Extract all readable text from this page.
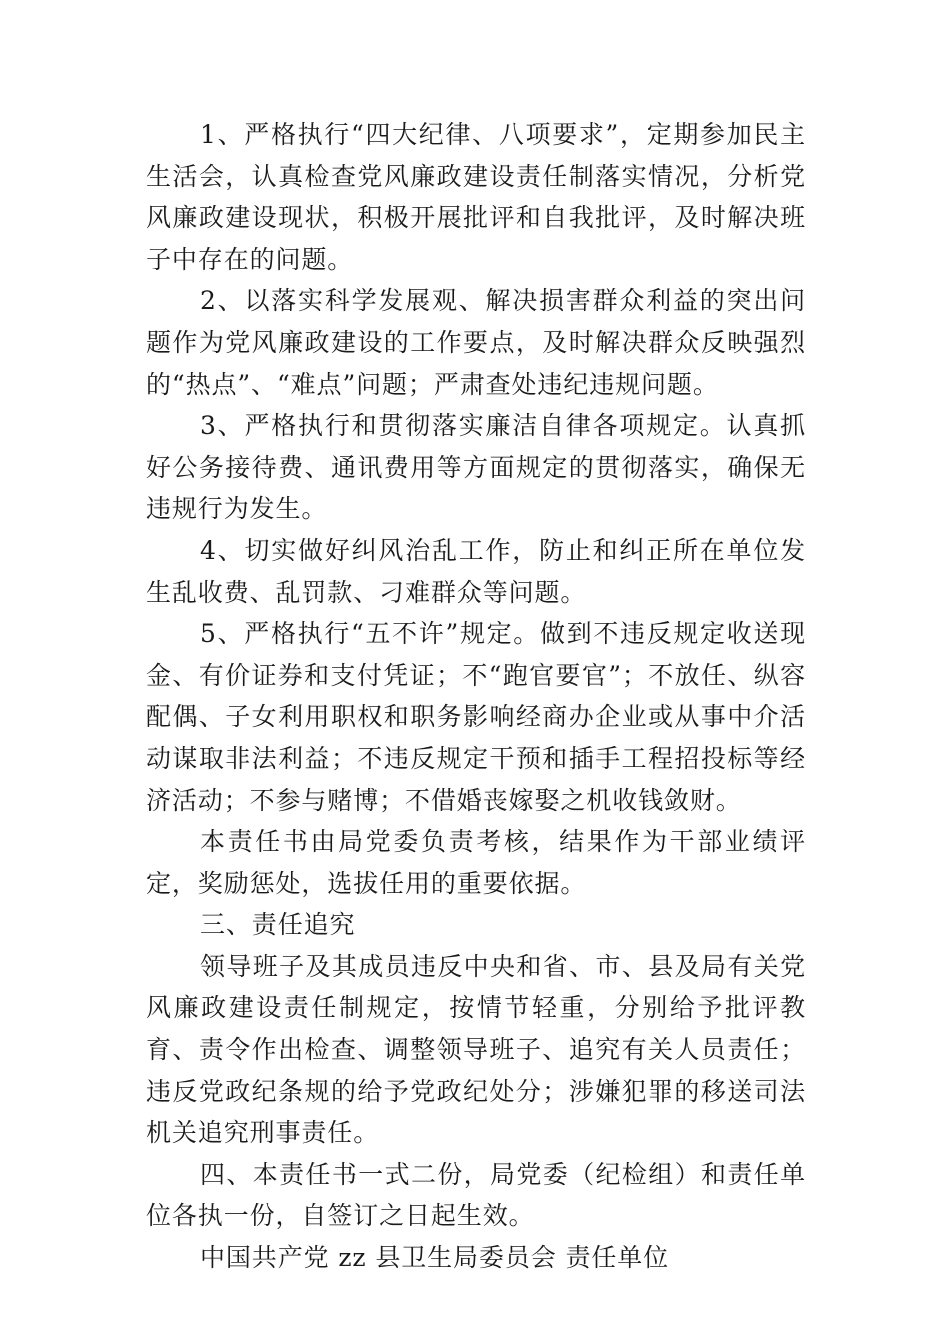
1、严格执行“四大纪律、八项要求”，定期参加民主生活会，认真检查党风廉政建设责任制落实情况，分析党风廉政建设现状，积极开展批评和自我批评，及时解决班子中存在的问题。

2、以落实科学发展观、解决损害群众利益的突出问题作为党风廉政建设的工作要点，及时解决群众反映强烈的“热点”、“难点”问题；严肃查处违纪违规问题。

3、严格执行和贯彻落实廉洁自律各项规定。认真抓好公务接待费、通讯费用等方面规定的贯彻落实，确保无违规行为发生。

4、切实做好纠风治乱工作，防止和纠正所在单位发生乱收费、乱罚款、刁难群众等问题。

5、严格执行“五不许”规定。做到不违反规定收送现金、有价证券和支付凭证；不“跑官要官”；不放任、纵容配偶、子女利用职权和职务影响经商办企业或从事中介活动谋取非法利益；不违反规定干预和插手工程招投标等经济活动；不参与赌博；不借婚丧嫁娶之机收钱敛财。

本责任书由局党委负责考核，结果作为干部业绩评定，奖励惩处，选拔任用的重要依据。

三、责任追究

领导班子及其成员违反中央和省、市、县及局有关党风廉政建设责任制规定，按情节轻重，分别给予批评教育、责令作出检查、调整领导班子、追究有关人员责任；违反党政纪条规的给予党政纪处分；涉嫌犯罪的移送司法机关追究刑事责任。

四、本责任书一式二份，局党委（纪检组）和责任单位各执一份，自签订之日起生效。

中国共产党 zz 县卫生局委员会 责任单位
